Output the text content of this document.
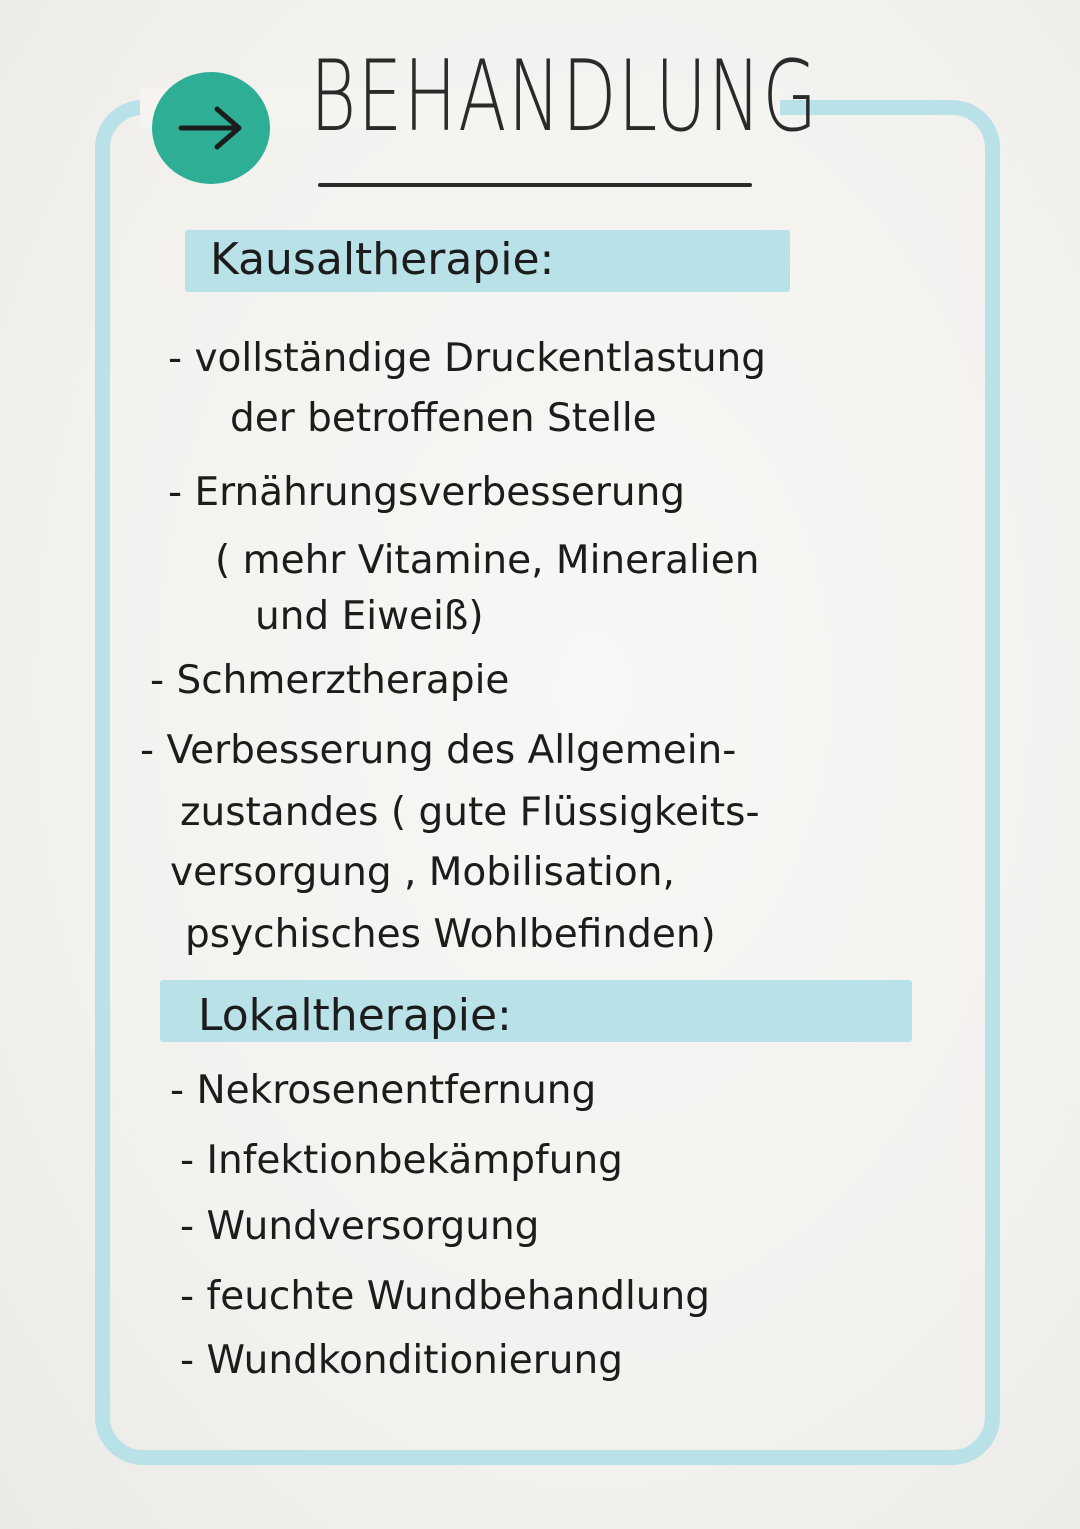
BEHANDLUNG
Kausaltherapie:

- vollständige Druckentlastung

der betroffenen Stelle

- Ernährungsverbesserung

( mehr Vitamine, Mineralien

und Eiweiß)

- Schmerztherapie

- Verbesserung des Allgemein-

zustandes ( gute Flüssigkeits-

versorgung , Mobilisation,

psychisches Wohlbefinden)

Lokaltherapie:

- Nekrosenentfernung

- Infektionbekämpfung

- Wundversorgung

- feuchte Wundbehandlung

- Wundkonditionierung
